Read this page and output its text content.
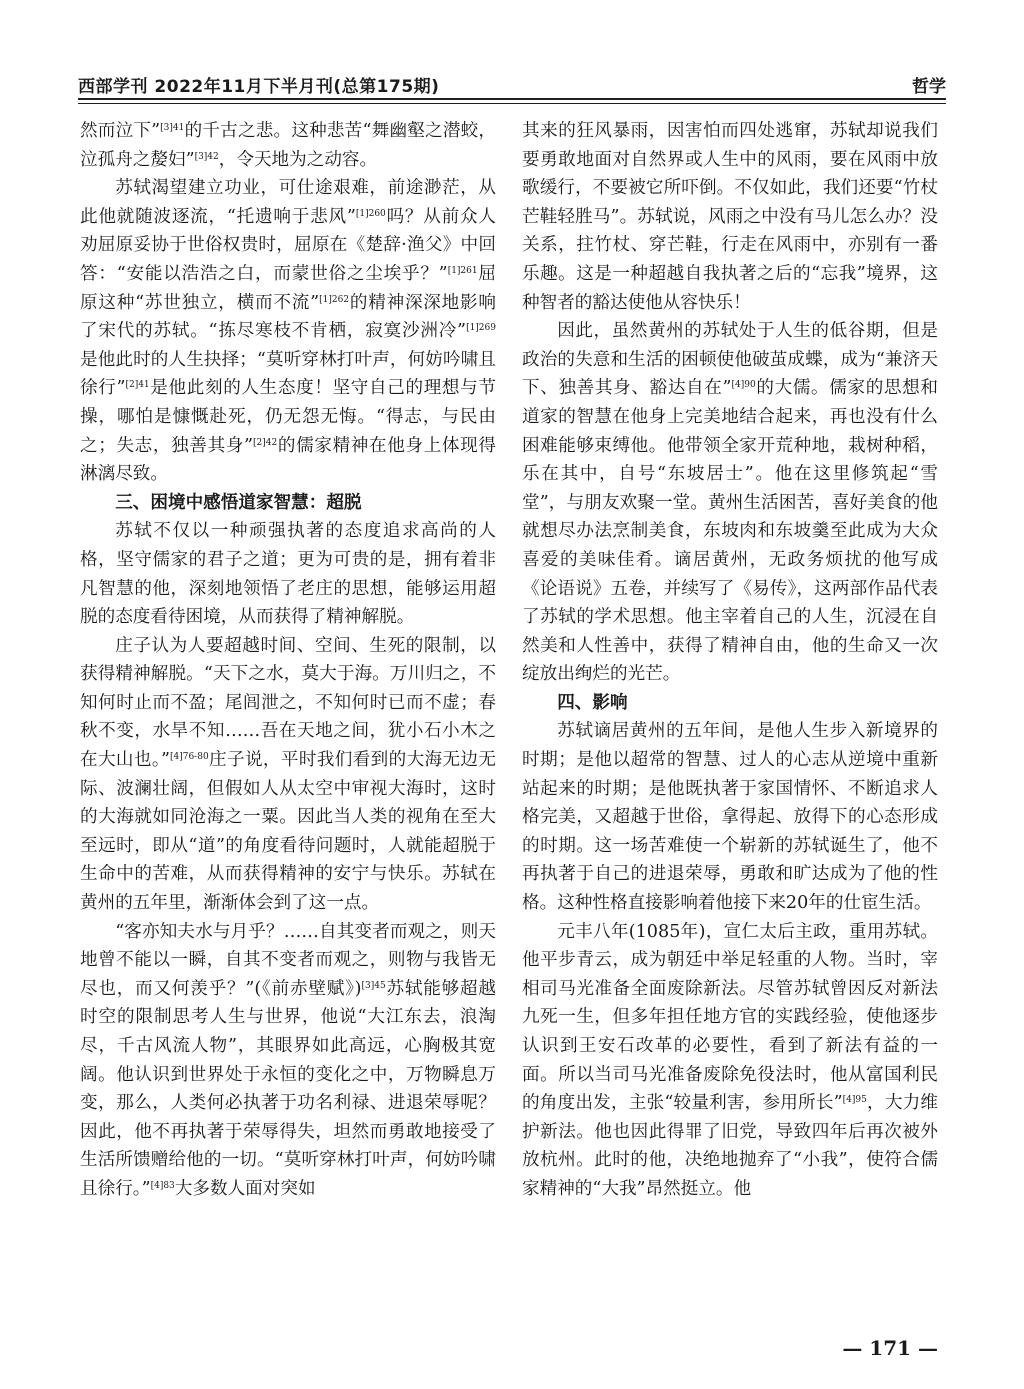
西部学刊 2022年11月下半月刊(总第175期)	哲学

然而泣下”$^{[3]41}$的千古之悲。这种悲苦“舞幽壑之潜蛟，泣孤舟之嫠妇”$^{[3]42}$，令天地为之动容。

苏轼渴望建立功业，可仕途艰难，前途渺茫，从此他就随波逐流，“托遗响于悲风”$^{[1]260}$吗？从前众人劝屈原妥协于世俗权贵时，屈原在《楚辞·渔父》中回答：“安能以浩浩之白，而蒙世俗之尘埃乎？”$^{[1]261}$屈原这种“苏世独立，横而不流”$^{[1]262}$的精神深深地影响了宋代的苏轼。“拣尽寒枝不肯栖，寂寞沙洲冷”$^{[1]269}$是他此时的人生抉择；“莫听穿林打叶声，何妨吟啸且徐行”$^{[2]41}$是他此刻的人生态度！坚守自己的理想与节操，哪怕是慷慨赴死，仍无怨无悔。“得志，与民由之；失志，独善其身”$^{[2]42}$的儒家精神在他身上体现得淋漓尽致。

三、困境中感悟道家智慧：超脱

苏轼不仅以一种顽强执著的态度追求高尚的人格，坚守儒家的君子之道；更为可贵的是，拥有着非凡智慧的他，深刻地领悟了老庄的思想，能够运用超脱的态度看待困境，从而获得了精神解脱。

庄子认为人要超越时间、空间、生死的限制，以获得精神解脱。“天下之水，莫大于海。万川归之，不知何时止而不盈；尾闾泄之，不知何时已而不虚；春秋不变，水旱不知……吾在天地之间，犹小石小木之在大山也。”$^{[4]76-80}$庄子说，平时我们看到的大海无边无际、波澜壮阔，但假如人从太空中审视大海时，这时的大海就如同沧海之一粟。因此当人类的视角在至大至远时，即从“道”的角度看待问题时，人就能超脱于生命中的苦难，从而获得精神的安宁与快乐。苏轼在黄州的五年里，渐渐体会到了这一点。

“客亦知夫水与月乎？……自其变者而观之，则天地曾不能以一瞬，自其不变者而观之，则物与我皆无尽也，而又何羡乎？”(《前赤壁赋》)$^{[3]45}$苏轼能够超越时空的限制思考人生与世界，他说“大江东去，浪淘尽，千古风流人物”，其眼界如此高远，心胸极其宽阔。他认识到世界处于永恒的变化之中，万物瞬息万变，那么，人类何必执著于功名利禄、进退荣辱呢？因此，他不再执著于荣辱得失，坦然而勇敢地接受了生活所馈赠给他的一切。“莫听穿林打叶声，何妨吟啸且徐行。”$^{[4]83}$大多数人面对突如

其来的狂风暴雨，因害怕而四处逃窜，苏轼却说我们要勇敢地面对自然界或人生中的风雨，要在风雨中放歌缓行，不要被它所吓倒。不仅如此，我们还要“竹杖芒鞋轻胜马”。苏轼说，风雨之中没有马儿怎么办？没关系，拄竹杖、穿芒鞋，行走在风雨中，亦别有一番乐趣。这是一种超越自我执著之后的“忘我”境界，这种智者的豁达使他从容快乐！

因此，虽然黄州的苏轼处于人生的低谷期，但是政治的失意和生活的困顿使他破茧成蝶，成为“兼济天下、独善其身、豁达自在”$^{[4]90}$的大儒。儒家的思想和道家的智慧在他身上完美地结合起来，再也没有什么困难能够束缚他。他带领全家开荒种地，栽树种稻，乐在其中，自号“东坡居士”。他在这里修筑起“雪堂”，与朋友欢聚一堂。黄州生活困苦，喜好美食的他就想尽办法烹制美食，东坡肉和东坡羹至此成为大众喜爱的美味佳肴。谪居黄州，无政务烦扰的他写成《论语说》五卷，并续写了《易传》，这两部作品代表了苏轼的学术思想。他主宰着自己的人生，沉浸在自然美和人性善中，获得了精神自由，他的生命又一次绽放出绚烂的光芒。

四、影响

苏轼谪居黄州的五年间，是他人生步入新境界的时期；是他以超常的智慧、过人的心志从逆境中重新站起来的时期；是他既执著于家国情怀、不断追求人格完美，又超越于世俗，拿得起、放得下的心态形成的时期。这一场苦难使一个崭新的苏轼诞生了，他不再执著于自己的进退荣辱，勇敢和旷达成为了他的性格。这种性格直接影响着他接下来20年的仕宦生活。

元丰八年(1085年)，宣仁太后主政，重用苏轼。他平步青云，成为朝廷中举足轻重的人物。当时，宰相司马光准备全面废除新法。尽管苏轼曾因反对新法九死一生，但多年担任地方官的实践经验，使他逐步认识到王安石改革的必要性，看到了新法有益的一面。所以当司马光准备废除免役法时，他从富国利民的角度出发，主张“较量利害，参用所长”$^{[4]95}$，大力维护新法。他也因此得罪了旧党，导致四年后再次被外放杭州。此时的他，决绝地抛弃了“小我”，使符合儒家精神的“大我”昂然挺立。他

— 171 —
